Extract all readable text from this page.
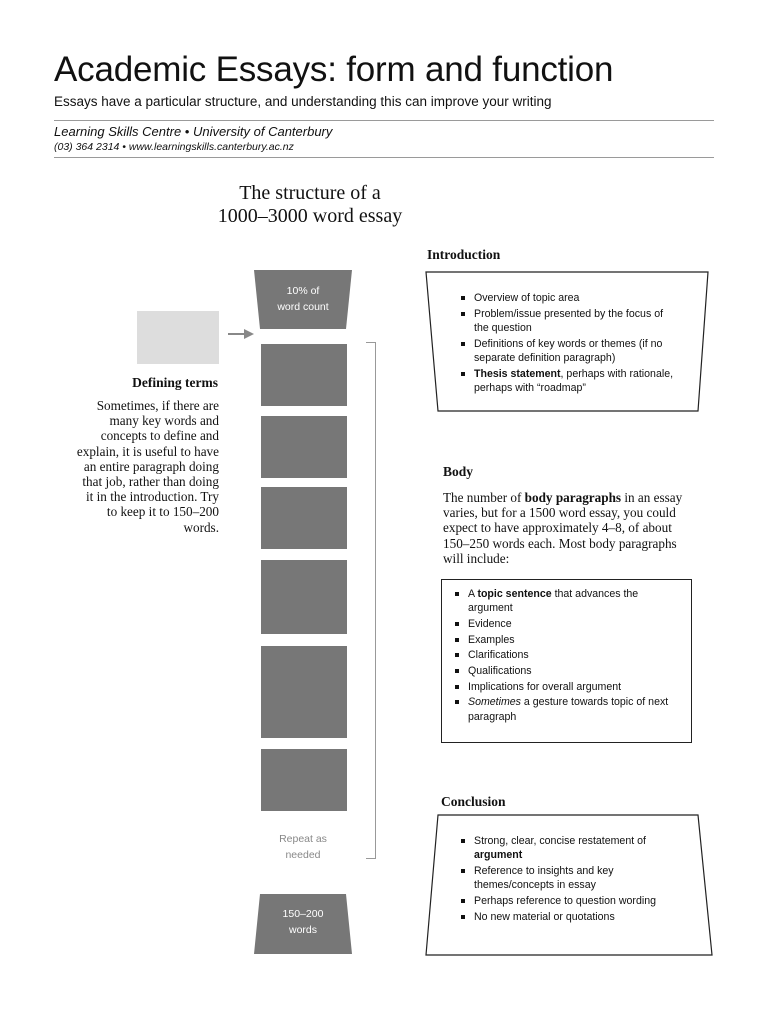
Academic Essays: form and function
Essays have a particular structure, and understanding this can improve your writing
Learning Skills Centre • University of Canterbury
(03) 364 2314 • www.learningskills.canterbury.ac.nz
The structure of a
1000–3000 word essay
10% of
word count
150–200
words
Repeat as
needed
Defining terms
Sometimes, if there are many key words and concepts to define and explain, it is useful to have an entire paragraph doing that job, rather than doing it in the introduction. Try to keep it to 150–200 words.
Introduction
Overview of topic area
Problem/issue presented by the focus of the question
Definitions of key words or themes (if no separate definition paragraph)
Thesis statement, perhaps with rationale, perhaps with “roadmap”
Body
The number of body paragraphs in an essay varies, but for a 1500 word essay, you could expect to have approximately 4–8, of about 150–250 words each. Most body paragraphs will include:
A topic sentence that advances the argument
Evidence
Examples
Clarifications
Qualifications
Implications for overall argument
Sometimes a gesture towards topic of next paragraph
Conclusion
Strong, clear, concise restatement of argument
Reference to insights and key themes/concepts in essay
Perhaps reference to question wording
No new material or quotations
